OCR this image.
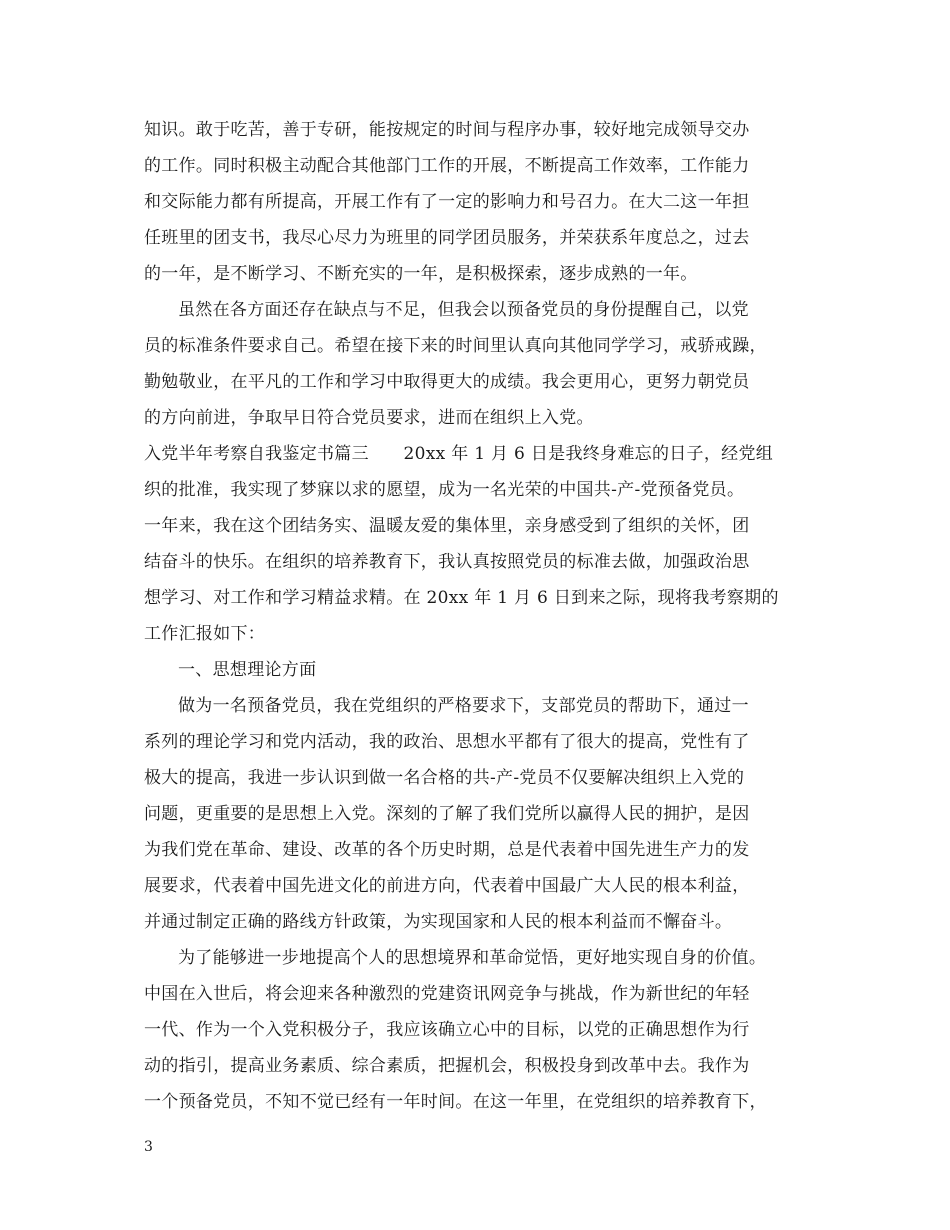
知识。敢于吃苦，善于专研，能按规定的时间与程序办事，较好地完成领导交办
的工作。同时积极主动配合其他部门工作的开展，不断提高工作效率，工作能力
和交际能力都有所提高，开展工作有了一定的影响力和号召力。在大二这一年担
任班里的团支书，我尽心尽力为班里的同学团员服务，并荣获系年度总之，过去
的一年，是不断学习、不断充实的一年，是积极探索，逐步成熟的一年。
虽然在各方面还存在缺点与不足，但我会以预备党员的身份提醒自己，以党
员的标准条件要求自己。希望在接下来的时间里认真向其他同学学习，戒骄戒躁，
勤勉敬业，在平凡的工作和学习中取得更大的成绩。我会更用心，更努力朝党员
的方向前进，争取早日符合党员要求，进而在组织上入党。
入党半年考察自我鉴定书篇三　　20xx 年 1 月 6 日是我终身难忘的日子，经党组
织的批准，我实现了梦寐以求的愿望，成为一名光荣的中国共-产-党预备党员。
一年来，我在这个团结务实、温暖友爱的集体里，亲身感受到了组织的关怀，团
结奋斗的快乐。在组织的培养教育下，我认真按照党员的标准去做，加强政治思
想学习、对工作和学习精益求精。在 20xx 年 1 月 6 日到来之际，现将我考察期的
工作汇报如下：
一、思想理论方面
做为一名预备党员，我在党组织的严格要求下，支部党员的帮助下，通过一
系列的理论学习和党内活动，我的政治、思想水平都有了很大的提高，党性有了
极大的提高，我进一步认识到做一名合格的共-产-党员不仅要解决组织上入党的
问题，更重要的是思想上入党。深刻的了解了我们党所以赢得人民的拥护，是因
为我们党在革命、建设、改革的各个历史时期，总是代表着中国先进生产力的发
展要求，代表着中国先进文化的前进方向，代表着中国最广大人民的根本利益，
并通过制定正确的路线方针政策，为实现国家和人民的根本利益而不懈奋斗。
为了能够进一步地提高个人的思想境界和革命觉悟，更好地实现自身的价值。
中国在入世后，将会迎来各种激烈的党建资讯网竞争与挑战，作为新世纪的年轻
一代、作为一个入党积极分子，我应该确立心中的目标，以党的正确思想作为行
动的指引，提高业务素质、综合素质，把握机会，积极投身到改革中去。我作为
一个预备党员，不知不觉已经有一年时间。在这一年里，在党组织的培养教育下，
3
